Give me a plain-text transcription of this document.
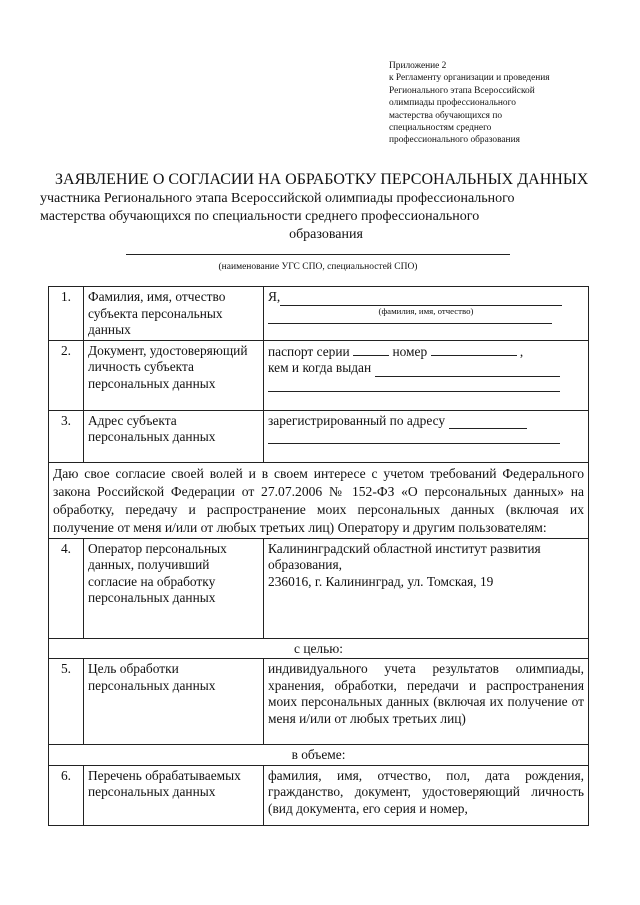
Приложение 2
к Регламенту организации и проведения
Регионального этапа Всероссийской
олимпиады профессионального
мастерства обучающихся по
специальностям среднего
профессионального образования
ЗАЯВЛЕНИЕ О СОГЛАСИИ НА ОБРАБОТКУ ПЕРСОНАЛЬНЫХ ДАННЫХ
участника Регионального этапа Всероссийской олимпиады профессионального
мастерства обучающихся по специальности среднего профессионального
образования
(наименование УГС СПО, специальностей СПО)
1.	Фамилия, имя, отчество субъекта персональных данных	Я,
(фамилия, имя, отчество)

2.	Документ, удостоверяющий личность субъекта персональных данных	паспорт серии номер ,
кем и когда выдан

3.	Адрес субъекта персональных данных	зарегистрированный по адресу

Даю свое согласие своей волей и в своем интересе с учетом требований Федерального закона Российской Федерации от 27.07.2006 № 152-ФЗ «О персональных данных» на обработку, передачу и распространение моих персональных данных (включая их получение от меня и/или от любых третьих лиц) Оператору и другим пользователям:		
4.	Оператор персональных данных, получивший согласие на обработку персональных данных	Калининградский областной институт развития образования,
236016, г. Калининград, ул. Томская, 19

с целью:		
5.	Цель обработки персональных данных	индивидуального учета результатов олимпиады, хранения, обработки, передачи и распространения моих персональных данных (включая их получение от меня и/или от любых третьих лиц)
в объеме:		
6.	Перечень обрабатываемых персональных данных	фамилия, имя, отчество, пол, дата рождения, гражданство, документ, удостоверяющий личность (вид документа, его серия и номер,
